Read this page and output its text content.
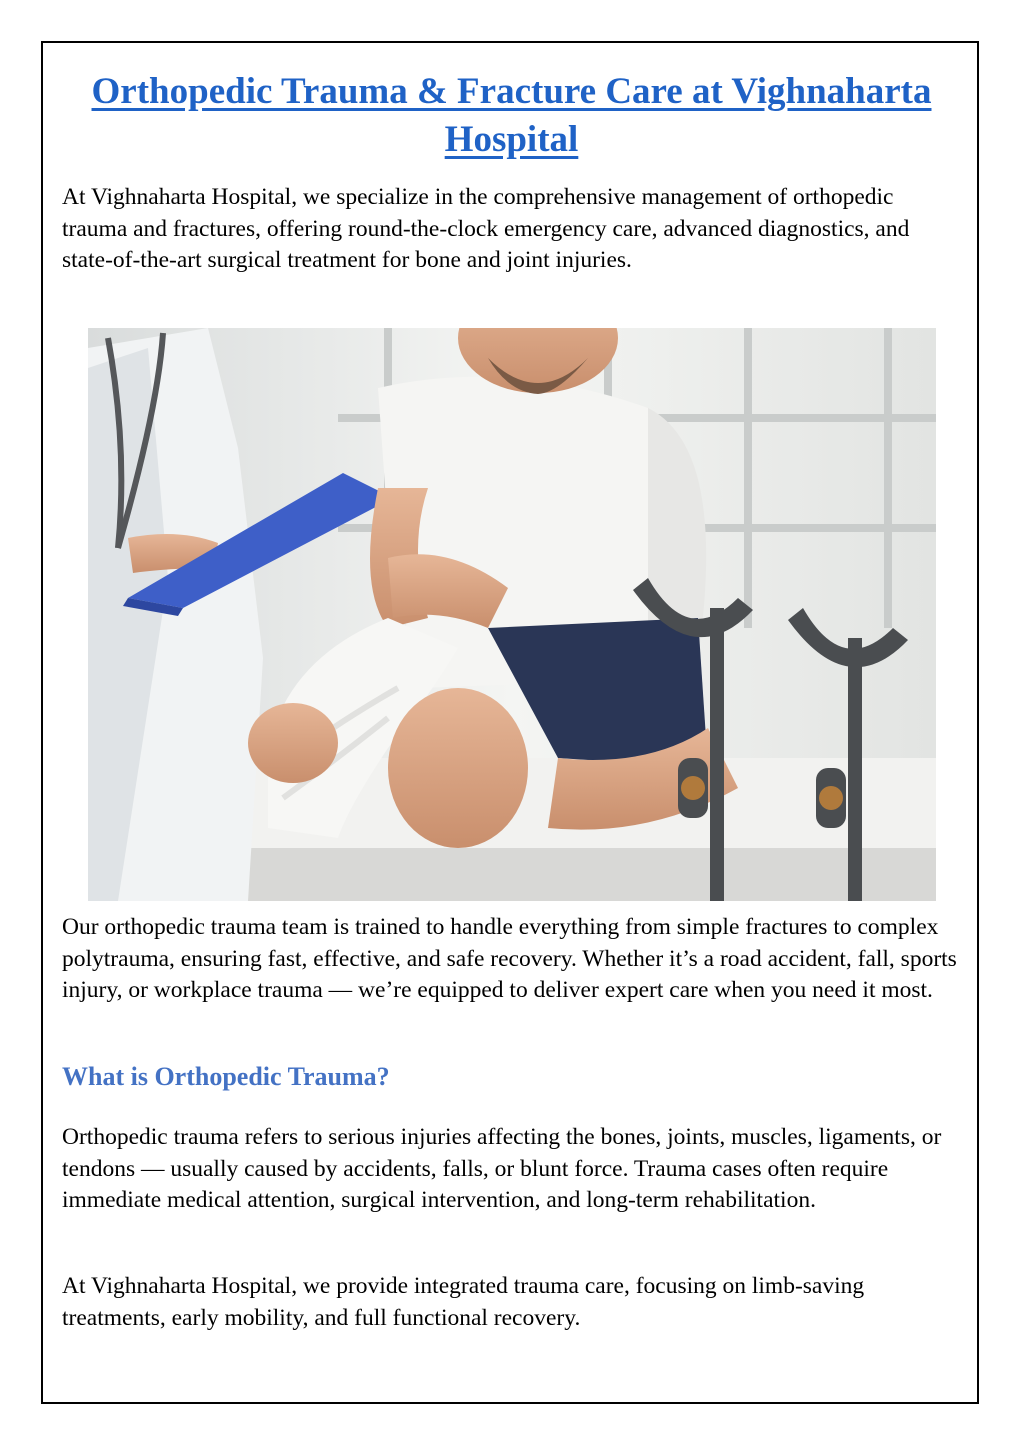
Orthopedic Trauma & Fracture Care at Vighnaharta Hospital

At Vighnaharta Hospital, we specialize in the comprehensive management of orthopedic trauma and fractures, offering round-the-clock emergency care, advanced diagnostics, and state-of-the-art surgical treatment for bone and joint injuries.

Our orthopedic trauma team is trained to handle everything from simple fractures to complex polytrauma, ensuring fast, effective, and safe recovery. Whether it’s a road accident, fall, sports injury, or workplace trauma — we’re equipped to deliver expert care when you need it most.

What is Orthopedic Trauma?

Orthopedic trauma refers to serious injuries affecting the bones, joints, muscles, ligaments, or tendons — usually caused by accidents, falls, or blunt force. Trauma cases often require immediate medical attention, surgical intervention, and long-term rehabilitation.

At Vighnaharta Hospital, we provide integrated trauma care, focusing on limb-saving treatments, early mobility, and full functional recovery.
